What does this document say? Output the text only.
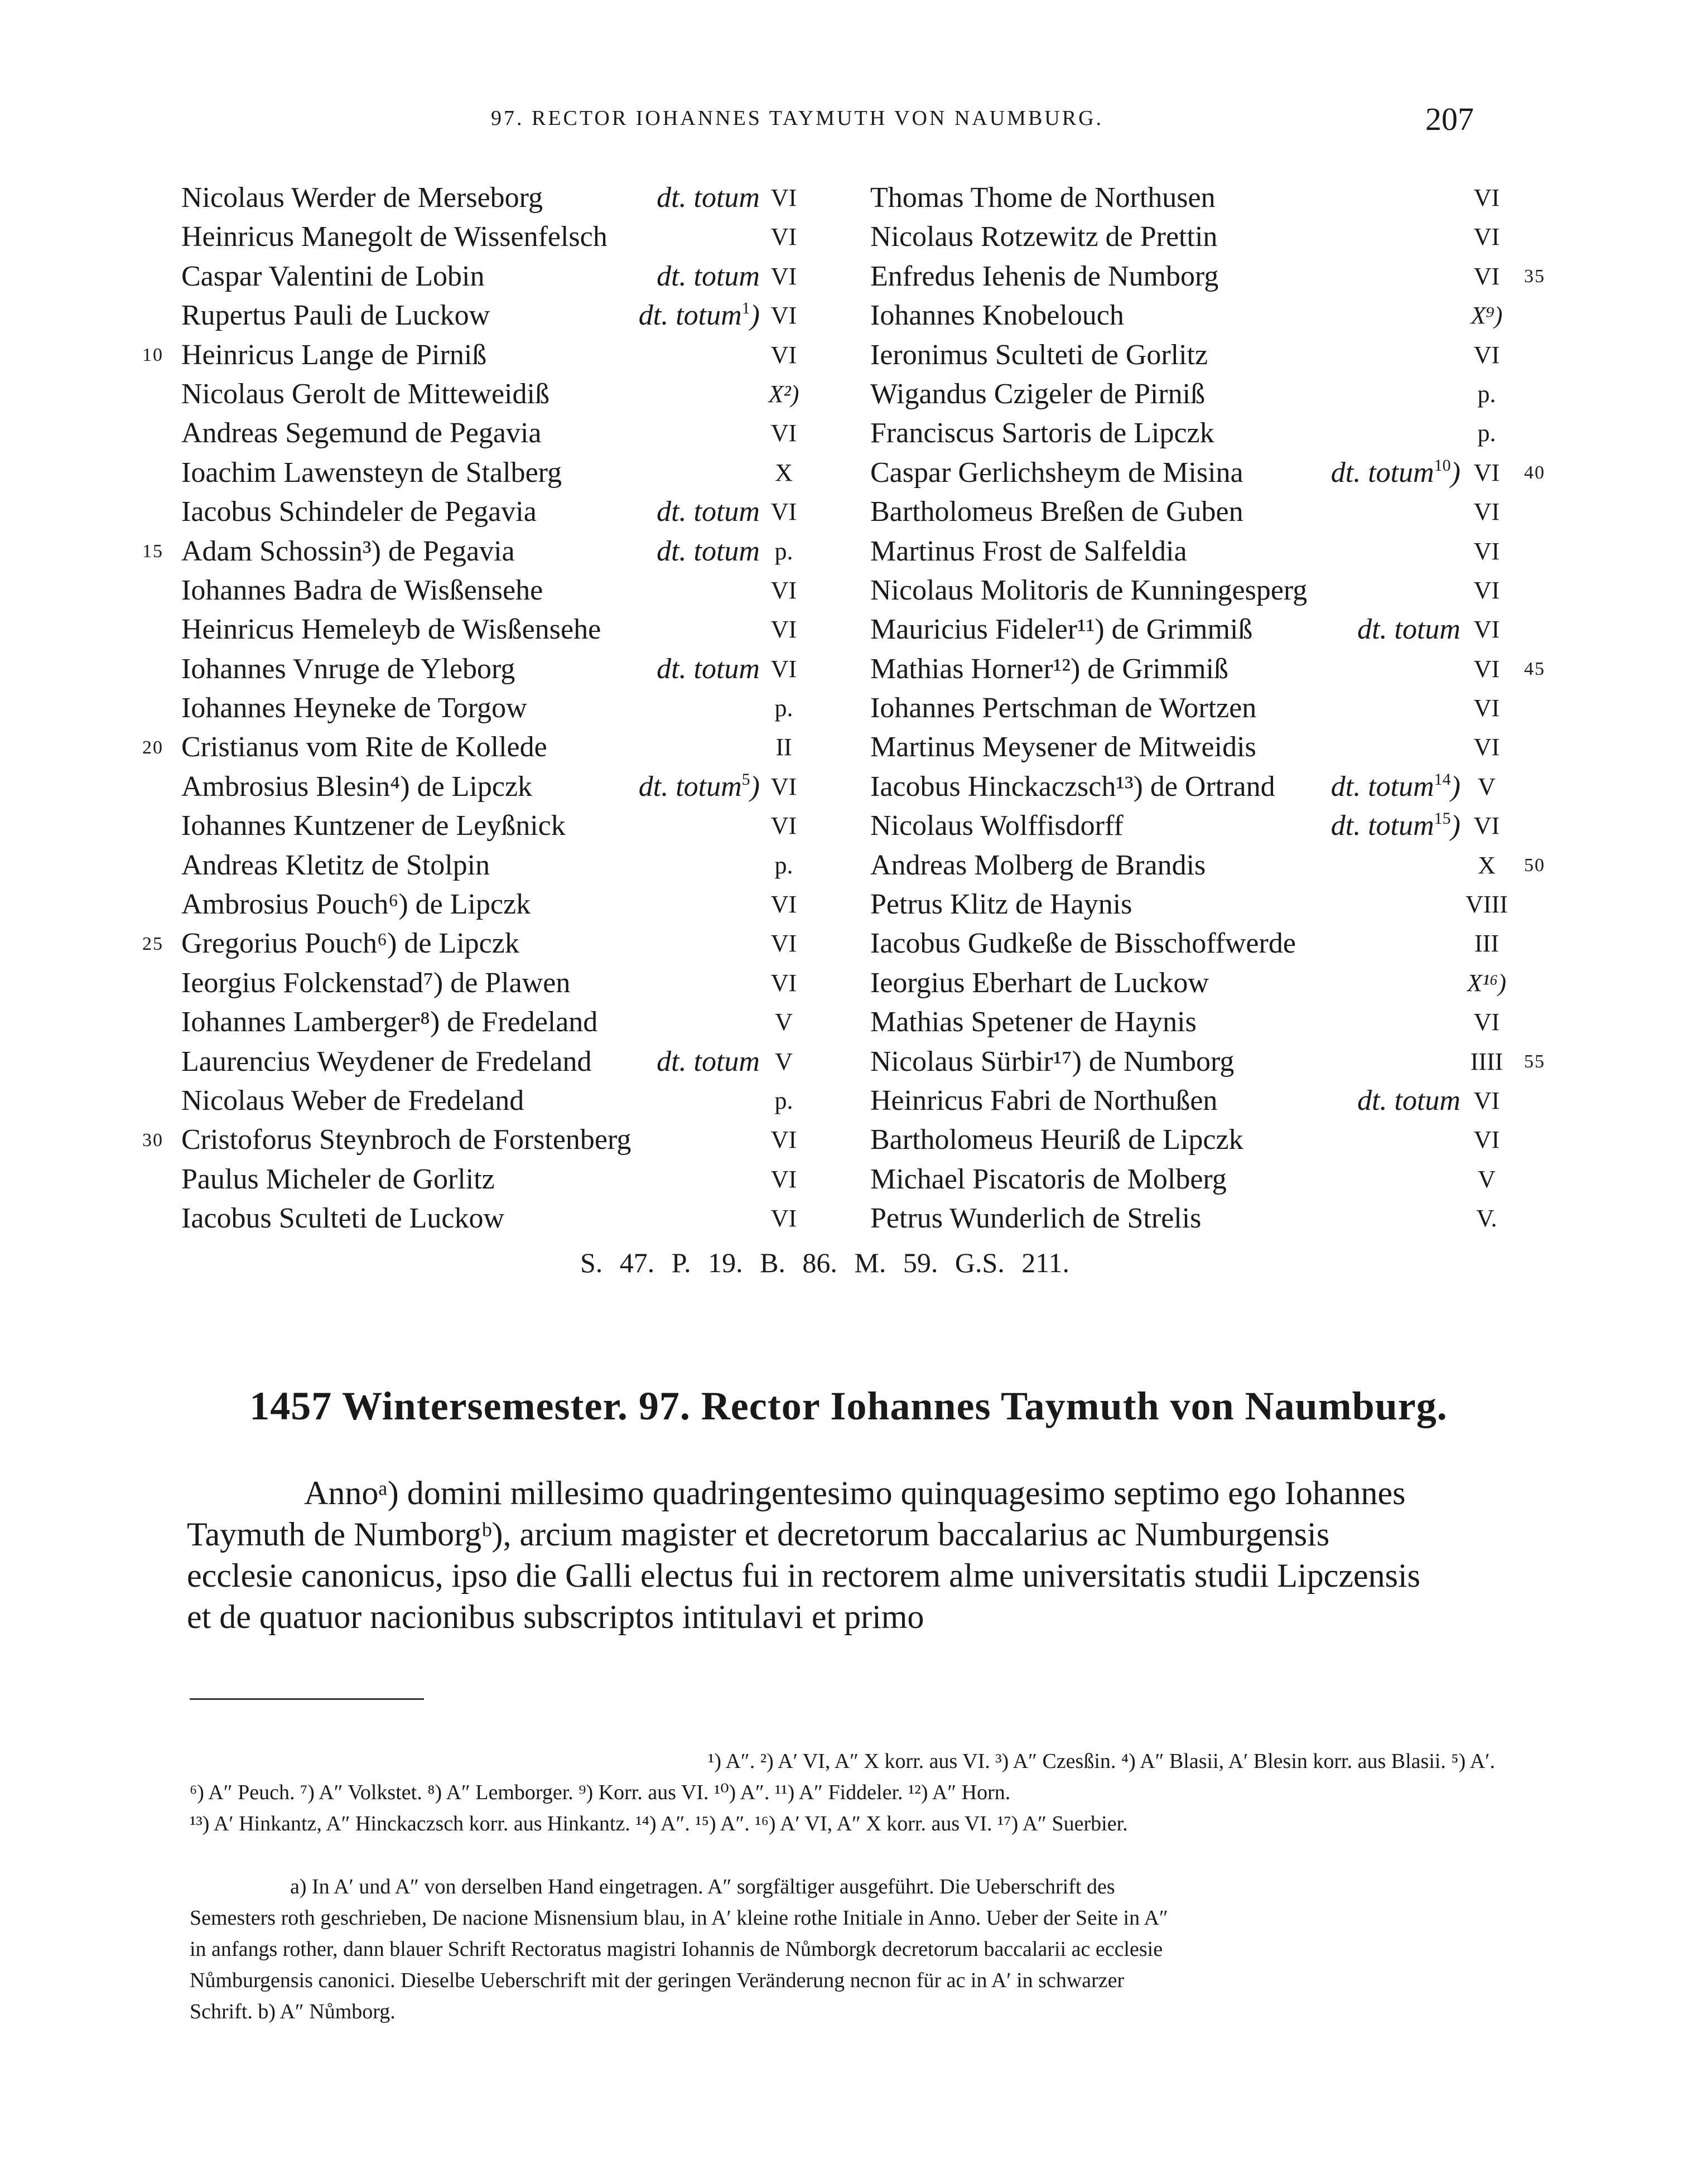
97. RECTOR IOHANNES TAYMUTH VON NAUMBURG.	207
Nicolaus Werder de Merseborg	dt. totum VI
Heinricus Manegolt de Wissenfelsch	VI
Caspar Valentini de Lobin	dt. totum VI
Rupertus Pauli de Luckow	dt. totum$^1$) VI
Heinricus Lange de Pirniß	VI
Nicolaus Gerolt de Mitteweidiß	X²)
Andreas Segemund de Pegavia	VI
Ioachim Lawensteyn de Stalberg	X
Iacobus Schindeler de Pegavia	dt. totum VI
Adam Schossin³) de Pegavia	dt. totum p.
Iohannes Badra de Wisßensehe	VI
Heinricus Hemeleyb de Wisßensehe	VI
Iohannes Vnruge de Yleborg	dt. totum VI
Iohannes Heyneke de Torgow	p.
Cristianus vom Rite de Kollede	II
Ambrosius Blesin⁴) de Lipczk	dt. totum$^5$) VI
Iohannes Kuntzener de Leyßnick	VI
Andreas Kletitz de Stolpin	p.
Ambrosius Pouch⁶) de Lipczk	VI
Gregorius Pouch⁶) de Lipczk	VI
Ieorgius Folckenstad⁷) de Plawen	VI
Iohannes Lamberger⁸) de Fredeland	V
Laurencius Weydener de Fredeland dt. totum V
Nicolaus Weber de Fredeland	p.
Cristoforus Steynbroch de Forstenberg	VI
Paulus Micheler de Gorlitz	VI
Iacobus Sculteti de Luckow	VI
Thomas Thome de Northusen	VI
Nicolaus Rotzewitz de Prettin	VI
Enfredus Iehenis de Numborg	VI
Iohannes Knobelouch	X⁹)
Ieronimus Sculteti de Gorlitz	VI
Wigandus Czigeler de Pirniß	p.
Franciscus Sartoris de Lipczk	p.
Caspar Gerlichsheym de Misina	dt. totum$^{10}$) VI
Bartholomeus Breßen de Guben	VI
Martinus Frost de Salfeldia	VI
Nicolaus Molitoris de Kunningesperg	VI
Mauricius Fideler¹¹) de Grimmiß	dt. totum VI
Mathias Horner¹²) de Grimmiß	VI
Iohannes Pertschman de Wortzen	VI
Martinus Meysener de Mitweidis	VI
Iacobus Hinckaczsch¹³) de Ortrand dt. totum$^{14}$) V
Nicolaus Wolffisdorff	dt. totum$^{15}$) VI
Andreas Molberg de Brandis	X
Petrus Klitz de Haynis	VIII
Iacobus Gudkeße de Bisschoffwerde	III
Ieorgius Eberhart de Luckow	X¹⁶)
Mathias Spetener de Haynis	VI
Nicolaus Sürbir¹⁷) de Numborg	IIII
Heinricus Fabri de Northußen	dt. totum VI
Bartholomeus Heuriß de Lipczk	VI
Michael Piscatoris de Molberg	V
Petrus Wunderlich de Strelis	V.
10
15
20
25
30
35
40
45
50
55
S. 47. P. 19. B. 86. M. 59. G.S. 211.
1457 Wintersemester. 97. Rector Iohannes Taymuth von Naumburg.
Annoᵃ) domini millesimo quadringentesimo quinquagesimo septimo ego Iohannes
Taymuth de Numborgᵇ), arcium magister et decretorum baccalarius ac Numburgensis
ecclesie canonicus, ipso die Galli electus fui in rectorem alme universitatis studii Lipczensis
et de quatuor nacionibus subscriptos intitulavi et primo
¹) A″. ²) A′ VI, A″ X korr. aus VI. ³) A″ Czesßin. ⁴) A″ Blasii, A′ Blesin korr. aus Blasii. ⁵) A′.
⁶) A″ Peuch. ⁷) A″ Volkstet. ⁸) A″ Lemborger. ⁹) Korr. aus VI. ¹⁰) A″. ¹¹) A″ Fiddeler. ¹²) A″ Horn.
¹³) A′ Hinkantz, A″ Hinckaczsch korr. aus Hinkantz. ¹⁴) A″. ¹⁵) A″. ¹⁶) A′ VI, A″ X korr. aus VI. ¹⁷) A″ Suerbier.
a) In A′ und A″ von derselben Hand eingetragen. A″ sorgfältiger ausgeführt. Die Ueberschrift des
Semesters roth geschrieben, De nacione Misnensium blau, in A′ kleine rothe Initiale in Anno. Ueber der Seite in A″
in anfangs rother, dann blauer Schrift Rectoratus magistri Iohannis de Nůmborgk decretorum baccalarii ac ecclesie
Nůmburgensis canonici. Dieselbe Ueberschrift mit der geringen Veränderung necnon für ac in A′ in schwarzer
Schrift. b) A″ Nůmborg.
